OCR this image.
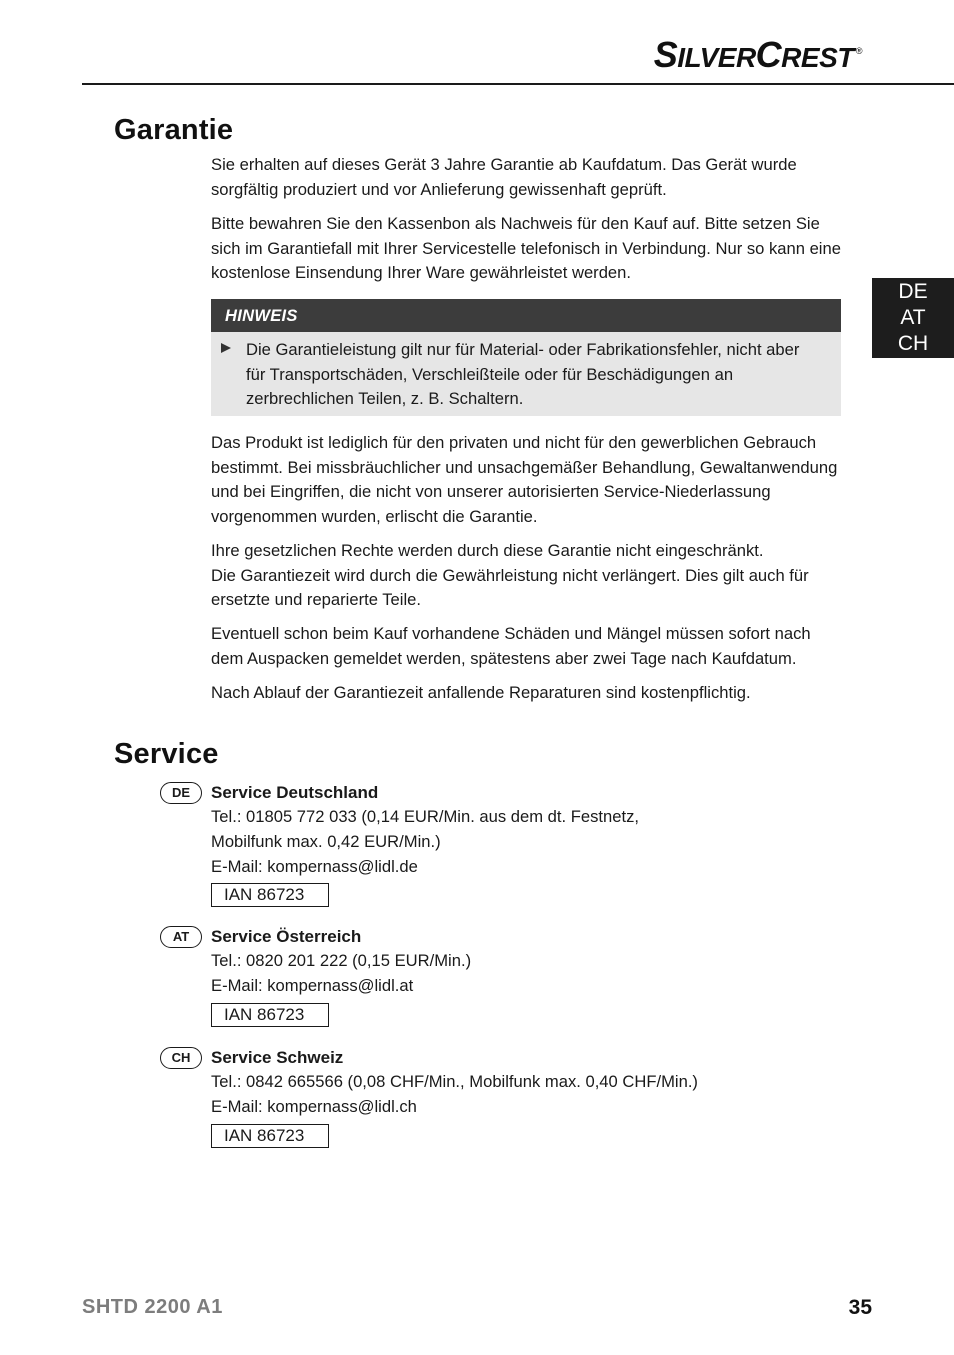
SILVERCREST ®
DE
AT
CH
Garantie

Sie erhalten auf dieses Gerät 3 Jahre Garantie ab Kaufdatum. Das Gerät wurde sorgfältig produziert und vor Anlieferung gewissenhaft geprüft.

Bitte bewahren Sie den Kassenbon als Nachweis für den Kauf auf. Bitte setzen Sie sich im Garantiefall mit Ihrer Servicestelle telefonisch in Verbindung. Nur so kann eine kostenlose Einsendung Ihrer Ware gewährleistet werden.

HINWEIS
Die Garantieleistung gilt nur für Material- oder Fabrikationsfehler, nicht aber für Transportschäden, Verschleißteile oder für Beschädigungen an zerbrechlichen Teilen, z. B. Schaltern.

Das Produkt ist lediglich für den privaten und nicht für den gewerblichen Gebrauch bestimmt. Bei missbräuchlicher und unsachgemäßer Behandlung, Gewaltanwendung und bei Eingriffen, die nicht von unserer autorisierten Service-Niederlassung vorgenommen wurden, erlischt die Garantie.

Ihre gesetzlichen Rechte werden durch diese Garantie nicht eingeschränkt.
Die Garantiezeit wird durch die Gewährleistung nicht verlängert. Dies gilt auch für ersetzte und reparierte Teile.

Eventuell schon beim Kauf vorhandene Schäden und Mängel müssen sofort nach dem Auspacken gemeldet werden, spätestens aber zwei Tage nach Kaufdatum.

Nach Ablauf der Garantiezeit anfallende Reparaturen sind kostenpflichtig.

Service
DE	Service Deutschland
Tel.: 01805 772 033 (0,14 EUR/Min. aus dem dt. Festnetz,
Mobilfunk max. 0,42 EUR/Min.)
E-Mail: kompernass@lidl.de
IAN 86723
AT	Service Österreich
Tel.: 0820 201 222 (0,15 EUR/Min.)
E-Mail: kompernass@lidl.at
IAN 86723
CH	Service Schweiz
Tel.: 0842 665566 (0,08 CHF/Min., Mobilfunk max. 0,40 CHF/Min.)
E-Mail: kompernass@lidl.ch
IAN 86723
SHTD 2200 A1	35
